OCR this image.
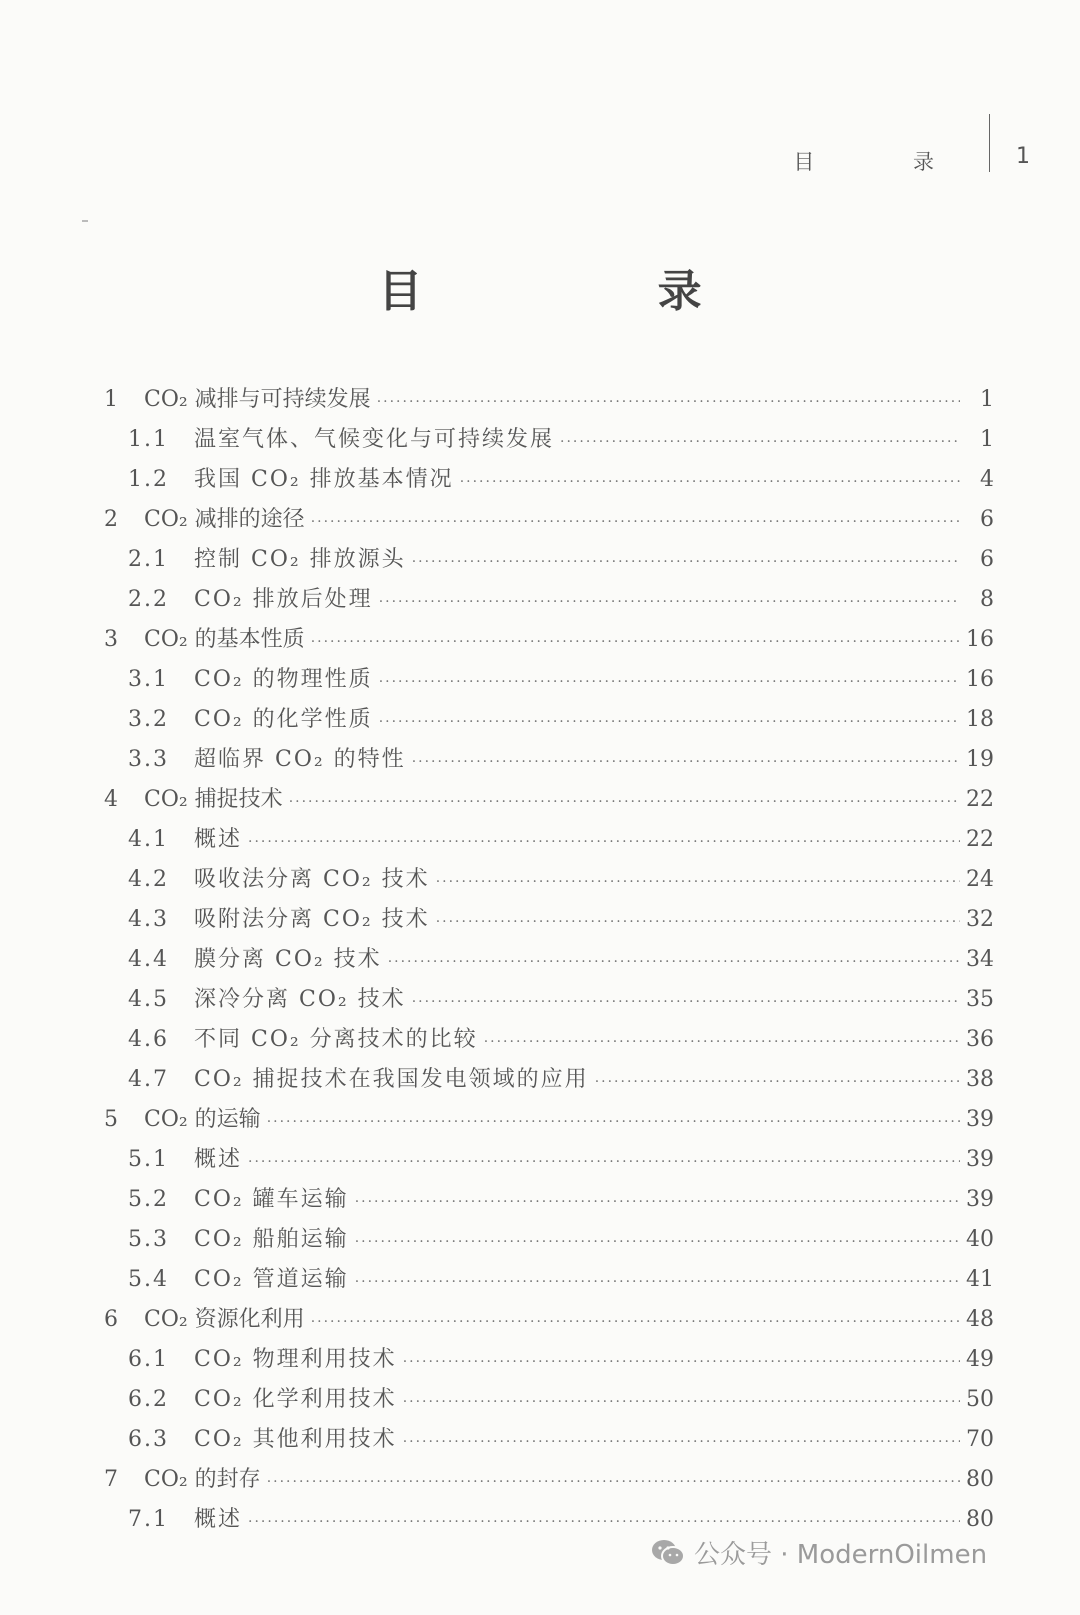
目 录 1
目 录
1	CO₂ 减排与可持续发展 ·····	1
1.1	温室气体、气候变化与可持续发展 ·····	1
1.2	我国 CO₂ 排放基本情况 ·····	4
2	CO₂ 减排的途径 ·····	6
2.1	控制 CO₂ 排放源头 ·····	6
2.2	CO₂ 排放后处理 ·····	8
3	CO₂ 的基本性质 ·····	16
3.1	CO₂ 的物理性质 ·····	16
3.2	CO₂ 的化学性质 ·····	18
3.3	超临界 CO₂ 的特性 ·····	19
4	CO₂ 捕捉技术 ·····	22
4.1	概述 ·····	22
4.2	吸收法分离 CO₂ 技术 ·····	24
4.3	吸附法分离 CO₂ 技术 ·····	32
4.4	膜分离 CO₂ 技术 ·····	34
4.5	深冷分离 CO₂ 技术 ·····	35
4.6	不同 CO₂ 分离技术的比较 ·····	36
4.7	CO₂ 捕捉技术在我国发电领域的应用 ·····	38
5	CO₂ 的运输 ·····	39
5.1	概述 ·····	39
5.2	CO₂ 罐车运输 ·····	39
5.3	CO₂ 船舶运输 ·····	40
5.4	CO₂ 管道运输 ·····	41
6	CO₂ 资源化利用 ·····	48
6.1	CO₂ 物理利用技术 ·····	49
6.2	CO₂ 化学利用技术 ·····	50
6.3	CO₂ 其他利用技术 ·····	70
7	CO₂ 的封存 ·····	80
7.1	概述 ·····	80
公众号 · ModernOilmen
